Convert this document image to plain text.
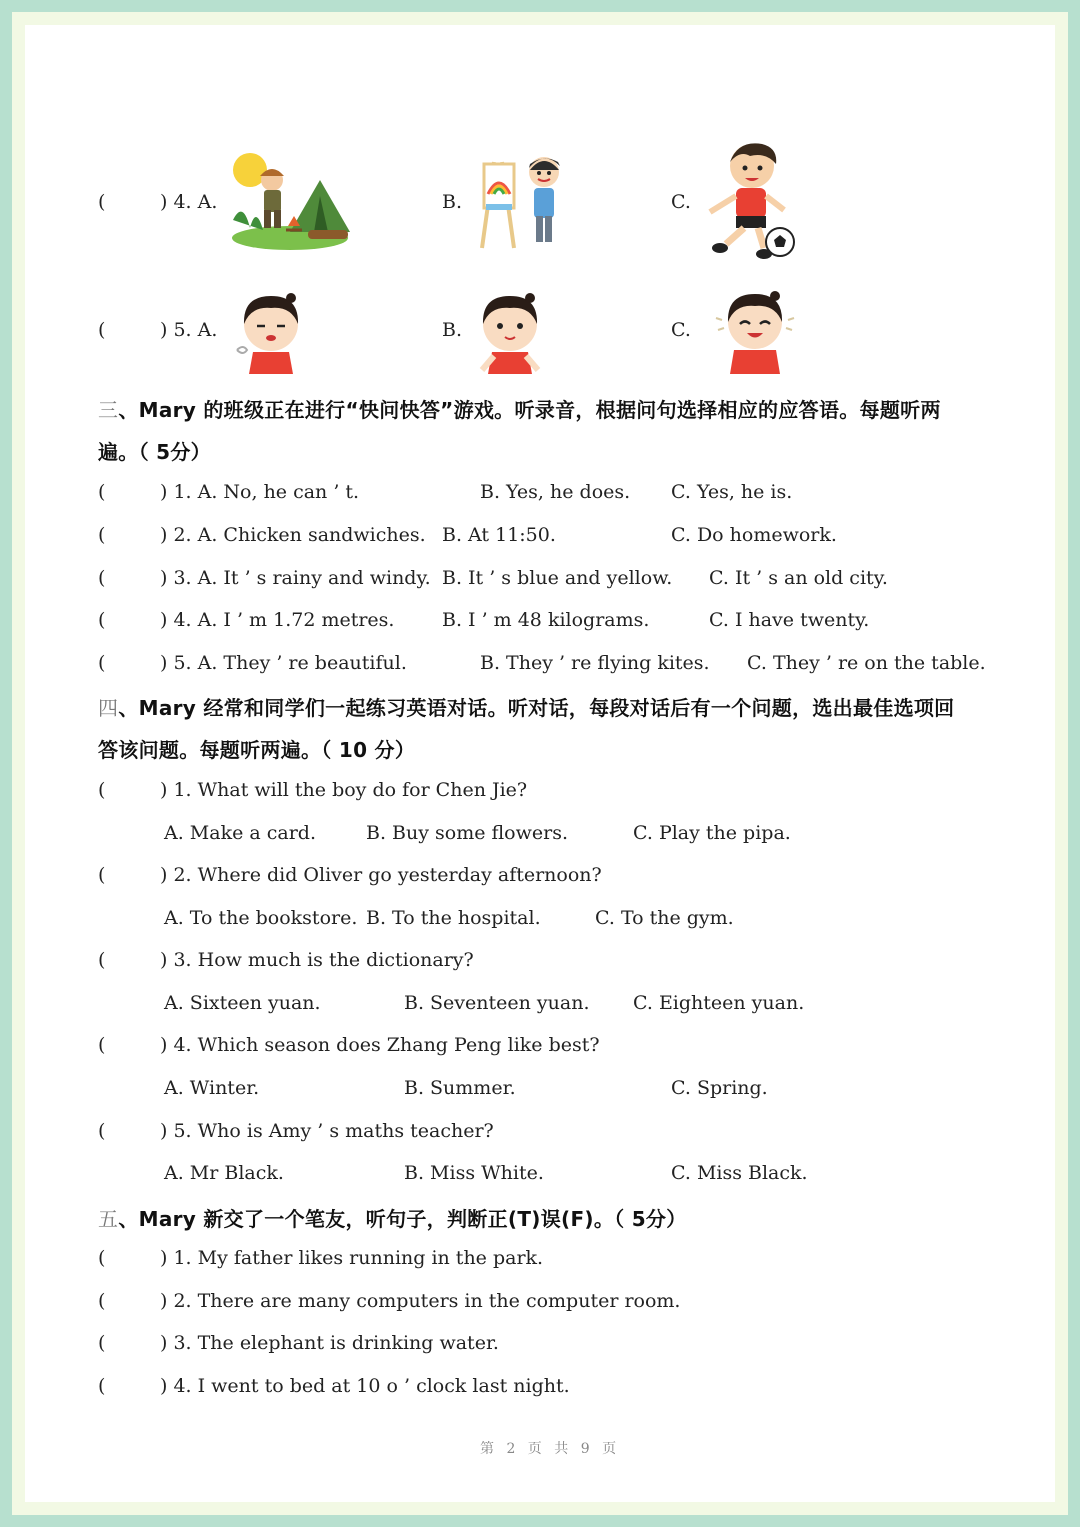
(	) 4. A.	B.	C.
(	) 5. A.	B.	C.
三、Mary 的班级正在进行“快问快答”游戏。听录音，根据问句选择相应的应答语。每题听两
遍。（ 5分）
(	) 1. A. No, he can ’ t.	B. Yes, he does. C. Yes, he is.
(	) 2. A. Chicken sandwiches. B. At 11:50.	C. Do homework.
(	) 3. A. It ’ s rainy and windy. B. It ’ s blue and yellow. C. It ’ s an old city.
(	) 4. A. I ’ m 1.72 metres.	B. I ’ m 48 kilograms.	C. I have twenty.
(	) 5. A. They ’ re beautiful.	B. They ’ re flying kites. C. They ’ re on the table.
四、Mary 经常和同学们一起练习英语对话。听对话，每段对话后有一个问题，选出最佳选项回
答该问题。每题听两遍。（ 10 分）
(	) 1. What will the boy do for Chen Jie?
A. Make a card.	B. Buy some flowers.	C. Play the pipa.
(	) 2. Where did Oliver go yesterday afternoon?
A. To the bookstore. B. To the hospital.	C. To the gym.
(	) 3. How much is the dictionary?
A. Sixteen yuan.	B. Seventeen yuan. C. Eighteen yuan.
(	) 4. Which season does Zhang Peng like best?
A. Winter.	B. Summer.	C. Spring.
(	) 5. Who is Amy ’ s maths teacher?
A. Mr Black.	B. Miss White.	C. Miss Black.
五、Mary 新交了一个笔友，听句子，判断正(T)误(F)。（ 5分）
(	) 1. My father likes running in the park.
(	) 2. There are many computers in the computer room.
(	) 3. The elephant is drinking water.
(	) 4. I went to bed at 10 o ’ clock last night.
第 2 页 共 9 页
